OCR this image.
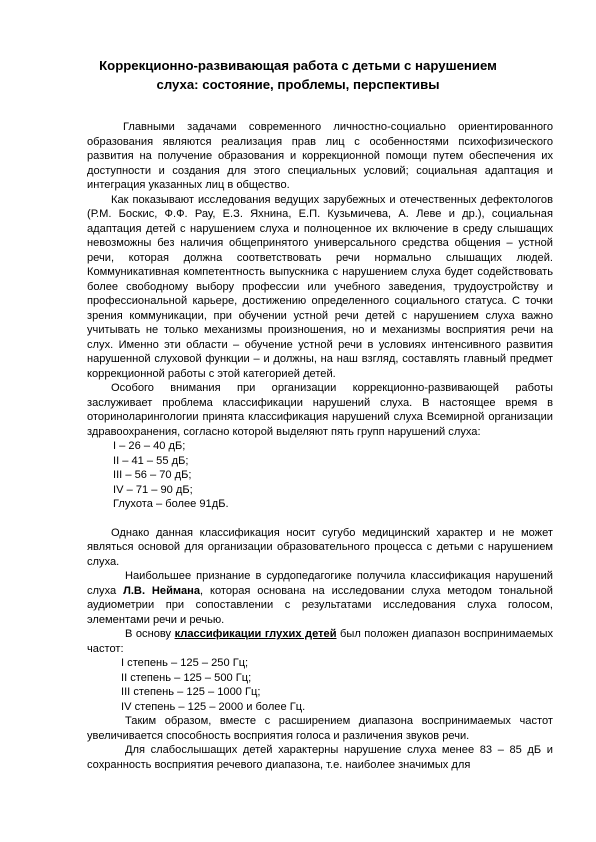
Коррекционно-развивающая работа с детьми с нарушением
слуха: состояние, проблемы, перспективы

Главными задачами современного личностно-социально ориентированного образования являются реализация прав лиц с особенностями психофизического развития на получение образования и коррекционной помощи путем обеспечения их доступности и создания для этого специальных условий; социальная адаптация и интеграция указанных лиц в общество.

Как показывают исследования ведущих зарубежных и отечественных дефектологов (Р.М. Боскис, Ф.Ф. Рау, Е.З. Яхнина, Е.П. Кузьмичева, А. Леве и др.), социальная адаптация детей с нарушением слуха и полноценное их включение в среду слышащих невозможны без наличия общепринятого универсального средства общения – устной речи, которая должна соответствовать речи нормально слышащих людей. Коммуникативная компетентность выпускника с нарушением слуха будет содействовать более свободному выбору профессии или учебного заведения, трудоустройству и профессиональной карьере, достижению определенного социального статуса. С точки зрения коммуникации, при обучении устной речи детей с нарушением слуха важно учитывать не только механизмы произношения, но и механизмы восприятия речи на слух. Именно эти области – обучение устной речи в условиях интенсивного развития нарушенной слуховой функции – и должны, на наш взгляд, составлять главный предмет коррекционной работы с этой категорией детей.

Особого внимания при организации коррекционно-развивающей работы заслуживает проблема классификации нарушений слуха. В настоящее время в оториноларингологии принята классификация нарушений слуха Всемирной организации здравоохранения, согласно которой выделяют пять групп нарушений слуха:

I – 26 – 40 дБ;
II – 41 – 55 дБ;
III – 56 – 70 дБ;
IV – 71 – 90 дБ;
Глухота – более 91дБ.

Однако данная классификация носит сугубо медицинский характер и не может являться основой для организации образовательного процесса с детьми с нарушением слуха.

Наибольшее признание в сурдопедагогике получила классификация нарушений слуха Л.В. Неймана, которая основана на исследовании слуха методом тональной аудиометрии при сопоставлении с результатами исследования слуха голосом, элементами речи и речью.

В основу классификации глухих детей был положен диапазон воспринимаемых частот:

I степень – 125 – 250 Гц;
II степень – 125 – 500 Гц;
III степень – 125 – 1000 Гц;
IV степень – 125 – 2000 и более Гц.

Таким образом, вместе с расширением диапазона воспринимаемых частот увеличивается способность восприятия голоса и различения звуков речи.

Для слабослышащих детей характерны нарушение слуха менее 83 – 85 дБ и сохранность восприятия речевого диапазона, т.е. наиболее значимых для
